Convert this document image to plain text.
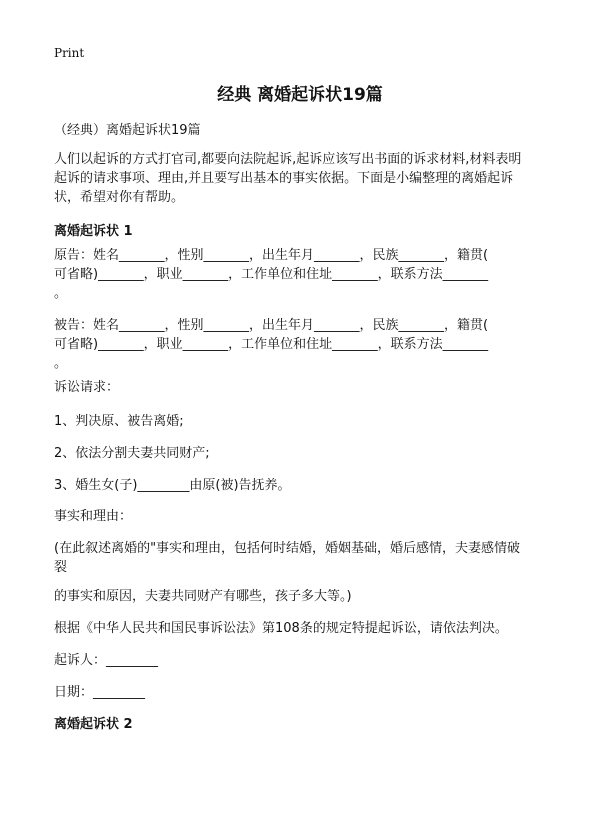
Print
经典 离婚起诉状19篇
（经典）离婚起诉状19篇
人们以起诉的方式打官司,都要向法院起诉,起诉应该写出书面的诉求材料,材料表明
起诉的请求事项、理由,并且要写出基本的事实依据。下面是小编整理的离婚起诉
状，希望对你有帮助。
离婚起诉状 1
原告：姓名_______，性别_______，出生年月_______，民族_______，籍贯(
可省略)_______，职业_______，工作单位和住址_______，联系方法_______
。
被告：姓名_______，性别_______，出生年月_______，民族_______，籍贯(
可省略)_______，职业_______，工作单位和住址_______，联系方法_______
。
诉讼请求：
1、判决原、被告离婚;
2、依法分割夫妻共同财产;
3、婚生女(子)________由原(被)告抚养。
事实和理由：
(在此叙述离婚的"事实和理由，包括何时结婚，婚姻基础，婚后感情，夫妻感情破
裂
的事实和原因，夫妻共同财产有哪些，孩子多大等。)
根据《中华人民共和国民事诉讼法》第108条的规定特提起诉讼，请依法判决。
起诉人：________
日期：________
离婚起诉状 2
